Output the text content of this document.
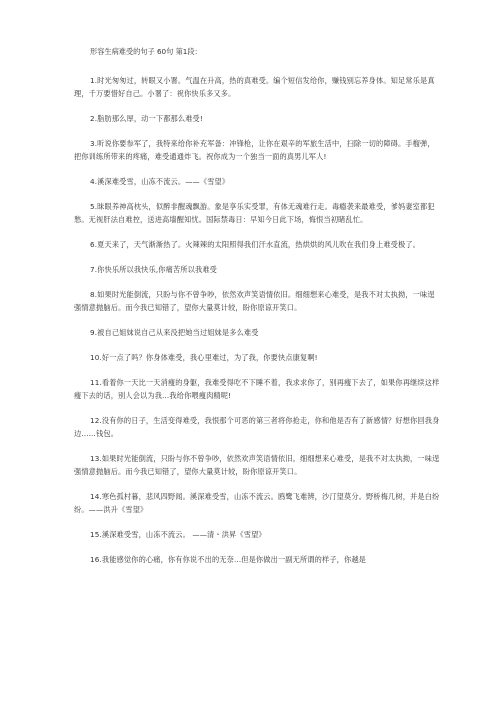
形容生病难受的句子 60句 第1段：

1.时光匆匆过，转眼又小署。气温在升高，热的真难受。编个短信发给你，赚钱别忘养身体。知足常乐是真理，千万要惜好自己。小署了：祝你快乐多又多。

2.脂肪那么厚，动一下都那么难受!

3.听说你要参军了，我特来给你补充军备：冲锋枪，让你在艰辛的军旅生活中，扫除一切的障碍。手榴弹，把你训练所带来的疼痛，难受通通炸飞。祝你成为一个独当一面的真男儿军人!

4.溪深难受雪，山冻不流云。——《雪望》

5.昧眼养神高枕头，似醉非醒魂飘游。象是享乐实受罪，有体无魂难行走。毒瘾袭来最难受，爹妈妻室都犯愁。无视肝法自难控，送进高墙醒知忧。国际禁毒日：早知今日此下场，悔恨当初睹乱忙。

6.夏天来了，天气渐渐热了。火辣辣的太阳照得我们汗水直流，热烘烘的风儿吹在我们身上难受极了。

7.你快乐所以我快乐,你痛苦所以我难受

8.如果时光能倒流，只盼与你不曾争吵，依然欢声笑语情依旧。细细想来心难受，是我不对太执拗，一味逞强情意抛脑后。而今我已知错了，望你大量莫计较，盼你原谅开笑口。

9.被自己姐妹说自己从来没把她当过姐妹是多么难受

10.好一点了吗？你身体难受，我心里难过，为了我，你要快点康复啊!

11.看着你一天比一天消瘦的身躯，我难受得吃不下睡不着，我求求你了，别再瘦下去了，如果你再继续这样瘦下去的话，别人会以为我…我给你喂瘦肉精呢!

12.没有你的日子，生活变得难受，我恨那个可恶的第三者将你抢走，你和他是否有了新感情？好想你回我身边……钱包。

13.如果时光能倒流，只盼与你不曾争吵，依然欢声笑语情依旧。细细想来心难受，是我不对太执拗，一味逞强情意抛脑后。而今我已知错了，望你大量莫计较，盼你原谅开笑口。

14.寒色孤村暮，悲风四野闻。溪深难受雪，山冻不流云。鸥鹭飞难辨，沙汀望莫分。野桥梅几树，并是白纷纷。——洪升《雪望》

15.溪深难受雪，山冻不流云。 ——清・洪昇《雪望》

16.我能感觉你的心痛，你有你说不出的无奈...但是你做出一副无所谓的样子，你越是
